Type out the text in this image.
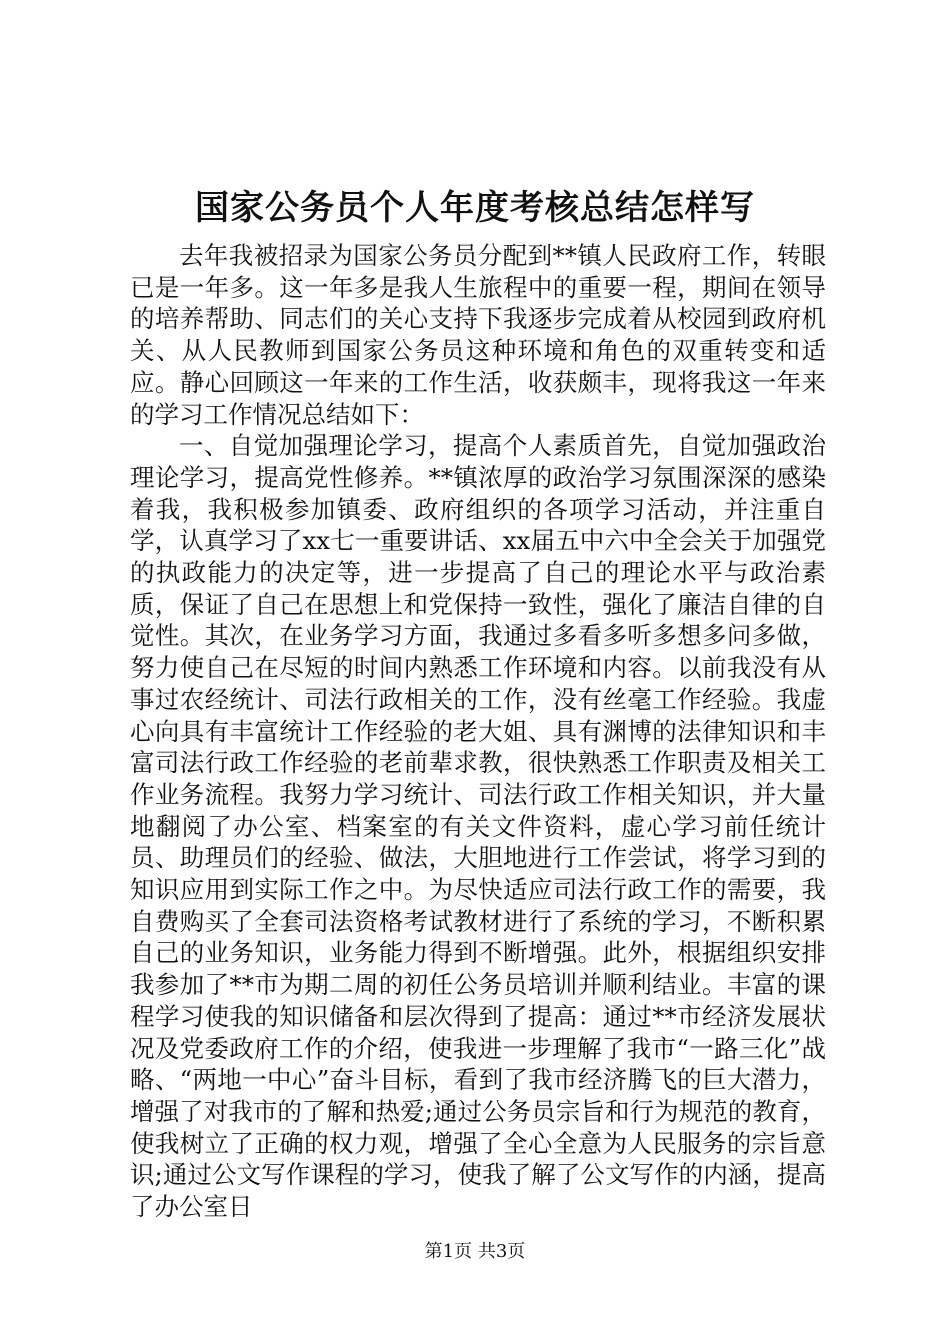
国家公务员个人年度考核总结怎样写

去年我被招录为国家公务员分配到**镇人民政府工作，转眼已是一年多。这一年多是我人生旅程中的重要一程，期间在领导的培养帮助、同志们的关心支持下我逐步完成着从校园到政府机关、从人民教师到国家公务员这种环境和角色的双重转变和适应。静心回顾这一年来的工作生活，收获颇丰，现将我这一年来的学习工作情况总结如下：

一、自觉加强理论学习，提高个人素质首先，自觉加强政治理论学习，提高党性修养。**镇浓厚的政治学习氛围深深的感染着我，我积极参加镇委、政府组织的各项学习活动，并注重自学，认真学习了xx七一重要讲话、xx届五中六中全会关于加强党的执政能力的决定等，进一步提高了自己的理论水平与政治素质，保证了自己在思想上和党保持一致性，强化了廉洁自律的自觉性。其次，在业务学习方面，我通过多看多听多想多问多做，努力使自己在尽短的时间内熟悉工作环境和内容。以前我没有从事过农经统计、司法行政相关的工作，没有丝毫工作经验。我虚心向具有丰富统计工作经验的老大姐、具有渊博的法律知识和丰富司法行政工作经验的老前辈求教，很快熟悉工作职责及相关工作业务流程。我努力学习统计、司法行政工作相关知识，并大量地翻阅了办公室、档案室的有关文件资料，虚心学习前任统计员、助理员们的经验、做法，大胆地进行工作尝试，将学习到的知识应用到实际工作之中。为尽快适应司法行政工作的需要，我自费购买了全套司法资格考试教材进行了系统的学习，不断积累自己的业务知识，业务能力得到不断增强。此外，根据组织安排我参加了**市为期二周的初任公务员培训并顺利结业。丰富的课程学习使我的知识储备和层次得到了提高：通过**市经济发展状况及党委政府工作的介绍，使我进一步理解了我市“一路三化”战略、“两地一中心”奋斗目标，看到了我市经济腾飞的巨大潜力，增强了对我市的了解和热爱;通过公务员宗旨和行为规范的教育，使我树立了正确的权力观，增强了全心全意为人民服务的宗旨意识;通过公文写作课程的学习，使我了解了公文写作的内涵，提高了办公室日

第1页 共3页
